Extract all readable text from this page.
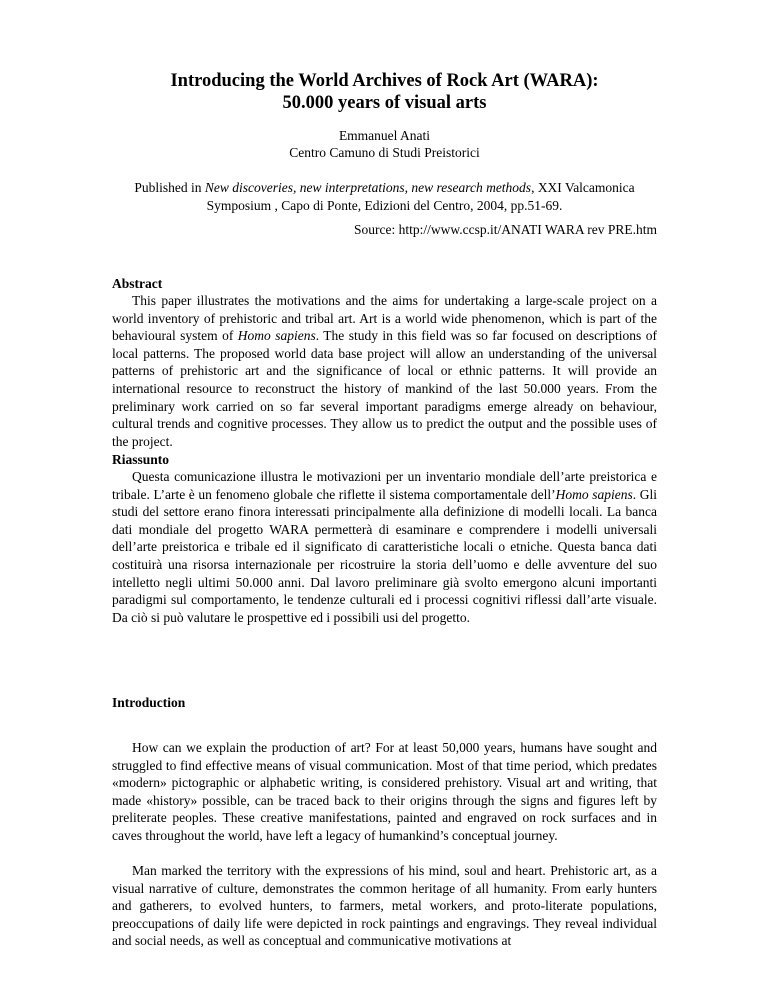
Introducing the World Archives of Rock Art (WARA):
50.000 years of visual arts
Emmanuel Anati
Centro Camuno di Studi Preistorici
Published in New discoveries, new interpretations, new research methods, XXI Valcamonica
Symposium , Capo di Ponte, Edizioni del Centro, 2004, pp.51-69.
Source: http://www.ccsp.it/ANATI WARA rev PRE.htm
Abstract

This paper illustrates the motivations and the aims for undertaking a large-scale project on a world inventory of prehistoric and tribal art. Art is a world wide phenomenon, which is part of the behavioural system of Homo sapiens. The study in this field was so far focused on descriptions of local patterns. The proposed world data base project will allow an understanding of the universal patterns of prehistoric art and the significance of local or ethnic patterns. It will provide an international resource to reconstruct the history of mankind of the last 50.000 years. From the preliminary work carried on so far several important paradigms emerge already on behaviour, cultural trends and cognitive processes. They allow us to predict the output and the possible uses of the project.

Riassunto

Questa comunicazione illustra le motivazioni per un inventario mondiale dell’arte preistorica e tribale. L’arte è un fenomeno globale che riflette il sistema comportamentale dell’Homo sapiens. Gli studi del settore erano finora interessati principalmente alla definizione di modelli locali. La banca dati mondiale del progetto WARA permetterà di esaminare e comprendere i modelli universali dell’arte preistorica e tribale ed il significato di caratteristiche locali o etniche. Questa banca dati costituirà una risorsa internazionale per ricostruire la storia dell’uomo e delle avventure del suo intelletto negli ultimi 50.000 anni. Dal lavoro preliminare già svolto emergono alcuni importanti paradigmi sul comportamento, le tendenze culturali ed i processi cognitivi riflessi dall’arte visuale. Da ciò si può valutare le prospettive ed i possibili usi del progetto.

Introduction

How can we explain the production of art? For at least 50,000 years, humans have sought and struggled to find effective means of visual communication. Most of that time period, which predates «modern» pictographic or alphabetic writing, is considered prehistory. Visual art and writing, that made «history» possible, can be traced back to their origins through the signs and figures left by preliterate peoples. These creative manifestations, painted and engraved on rock surfaces and in caves throughout the world, have left a legacy of humankind’s conceptual journey.

Man marked the territory with the expressions of his mind, soul and heart. Prehistoric art, as a visual narrative of culture, demonstrates the common heritage of all humanity. From early hunters and gatherers, to evolved hunters, to farmers, metal workers, and proto-literate populations, preoccupations of daily life were depicted in rock paintings and engravings. They reveal individual and social needs, as well as conceptual and communicative motivations at
